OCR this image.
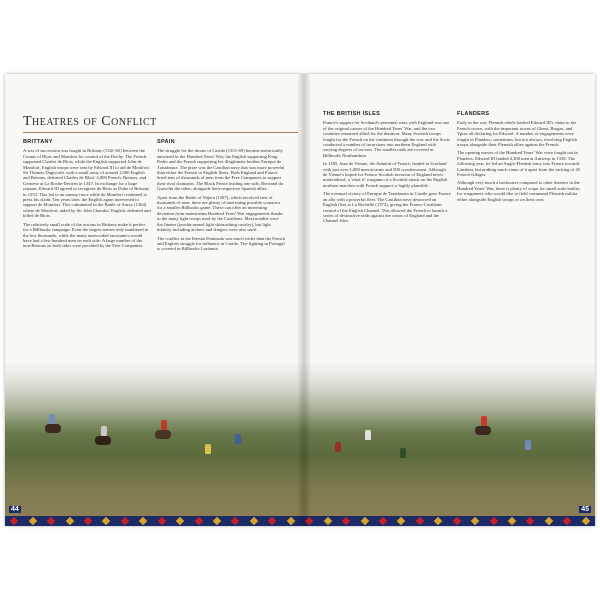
Theatres of Conflict
BRITTANY

A war of succession was fought in Brittany (1341-65) between the Counts of Blois and Montfort for control of the Duchy. The French supported Charles de Blois, while the English supported John de Montfort. English troops were sent by Edward III to aid de Montfort. Sir Thomas Dagworth, with a small army of around 1,000 English and Bretons, defeated Charles de Blois' 4,000 French, Bretons, and Genoese at La Roche-Derrien in 1347. In exchange for a huge ransom, Edward III agreed to recognise de Blois as Duke of Brittany in 1353. This led to an uneasy truce while de Montfort continued to press his claim. Ten years later, the English again intervened to support de Montfort. This culminated in the Battle of Auray (1364) where de Montfort, aided by Sir John Chandos' English, defeated and killed de Blois.

The relatively small scale of the actions in Brittany make it perfect for a Billbooks campaign. Even the largest armies only numbered in the low thousands, while the many unrecorded encounters would have had a few hundred men on each side. A large number of the non-Bretons on both sides were provided by the Free Companies.

SPAIN

The struggle for the throne of Castile (1351-69) became inextricably entwined in the Hundred Years' War, the English supporting King Pedro and the French supporting his illegitimate brother Enrique de Trastámara. The prize was the Castilian navy that was more powerful than either the French or English fleets. Both England and France hired tens of thousands of men from the Free Companies to support their rival claimants. The Black Prince leading one side, Bertrand du Guesclin the other; alongside their respective Spanish allies.

Apart from the Battle of Nájera (1367), which involved tens of thousands of men, there are plenty of interesting possible scenarios for a smaller Billbooks game. These can offer an interesting deviation from mainstream Hundred Years' War engagements thanks to the many light troops used by the Castilians. Most notable were the Jinetes (javelin-armed light skirmishing cavalry), but light infantry including archers and slingers were also used.

The conflict in the Iberian Peninsula was much wider than the French and English struggle for influence in Castile. The fighting in Portugal is covered in Billbooks Lusitania.

THE BRITISH ISLES

France's support for Scotland's perennial wars with England was one of the original causes of the Hundred Years' War, and the two countries remained allied for the duration. Many Scottish troops fought for the French on the continent through the war, and the Scots conducted a number of incursions into northern England with varying degrees of success. The smaller raids are covered in Billbooks Northumbria.

In 1385, Jean de Vienne, the Admiral of France, landed in Scotland with just over 1,000 men-at-arms and 500 crossbowmen. Although de Vienne's hoped-for Franco-Scottish invasion of England never materialised, a 'what if' wargame of a Scottish attack on the English northern marches with French support is highly plausible.

The eventual victory of Enrique de Trastámara in Castile gave France an ally with a powerful fleet. The Castilian navy destroyed an English fleet at La Rochelle (1372), giving the Franco-Castilians control of the English Channel. This allowed the French to launch a series of destructive raids against the coasts of England and the Channel Isles.

FLANDERS

Early in the war, Flemish rebels backed Edward III's claim to the French crown, with the important towns of Ghent, Bruges, and Ypres all declaring for Edward. A number of engagements were fought in Flanders; sometimes, but not always, involving English troops alongside their Flemish allies against the French.

The opening moves of the Hundred Years' War were fought out in Flanders. Edward III landed 4,300 men at Antwerp in 1338. The following year, he led an Anglo-Flemish army into France towards Cambrai, but nothing much came of it apart from the sacking of 45 French villages.

Although very much a backwater compared to other theatres in the Hundred Years' War, there is plenty of scope for small scale battles for wargamers who would like to field communal Flemish militia either alongside English troops or on their own.

44	45
